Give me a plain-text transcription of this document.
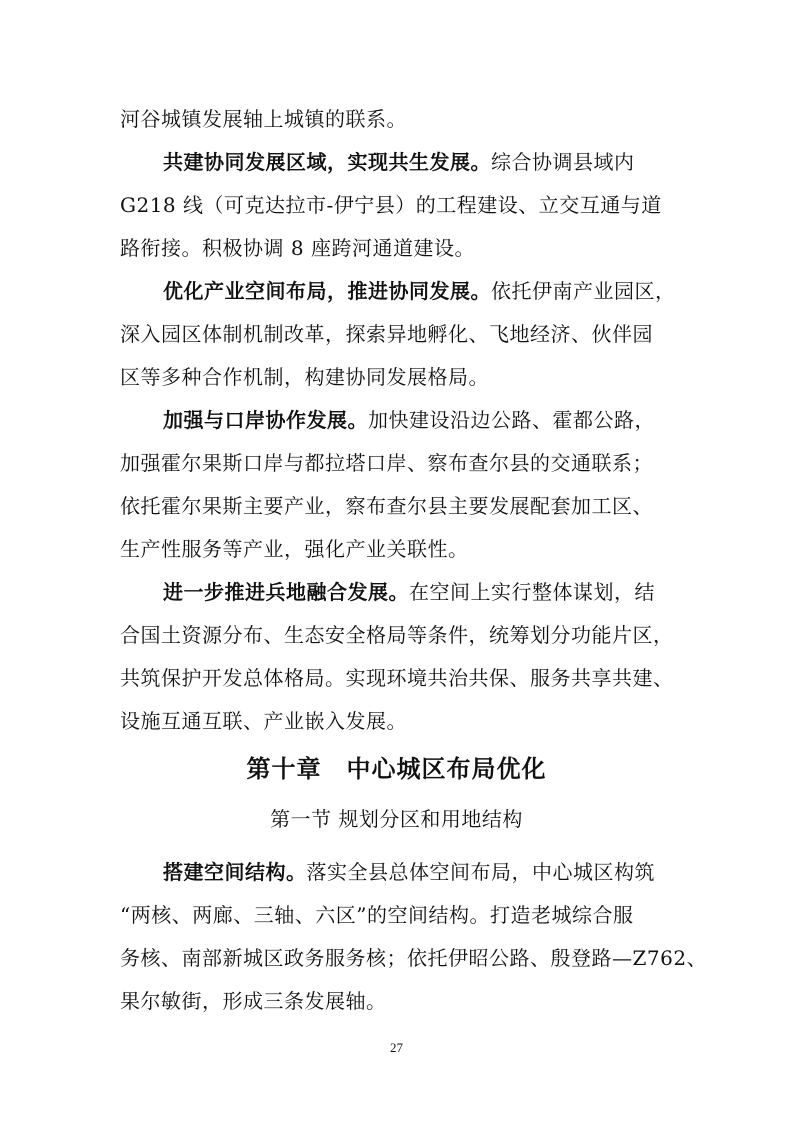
河谷城镇发展轴上城镇的联系。
共建协同发展区域，实现共生发展。综合协调县域内
G218 线（可克达拉市-伊宁县）的工程建设、立交互通与道
路衔接。积极协调 8 座跨河通道建设。
优化产业空间布局，推进协同发展。依托伊南产业园区，
深入园区体制机制改革，探索异地孵化、飞地经济、伙伴园
区等多种合作机制，构建协同发展格局。
加强与口岸协作发展。加快建设沿边公路、霍都公路，
加强霍尔果斯口岸与都拉塔口岸、察布查尔县的交通联系；
依托霍尔果斯主要产业，察布查尔县主要发展配套加工区、
生产性服务等产业，强化产业关联性。
进一步推进兵地融合发展。在空间上实行整体谋划，结
合国土资源分布、生态安全格局等条件，统筹划分功能片区，
共筑保护开发总体格局。实现环境共治共保、服务共享共建、
设施互通互联、产业嵌入发展。
第十章　中心城区布局优化
第一节 规划分区和用地结构
搭建空间结构。落实全县总体空间布局，中心城区构筑
“两核、两廊、三轴、六区”的空间结构。打造老城综合服
务核、南部新城区政务服务核；依托伊昭公路、殷登路—Z762、
果尔敏街，形成三条发展轴。
27
